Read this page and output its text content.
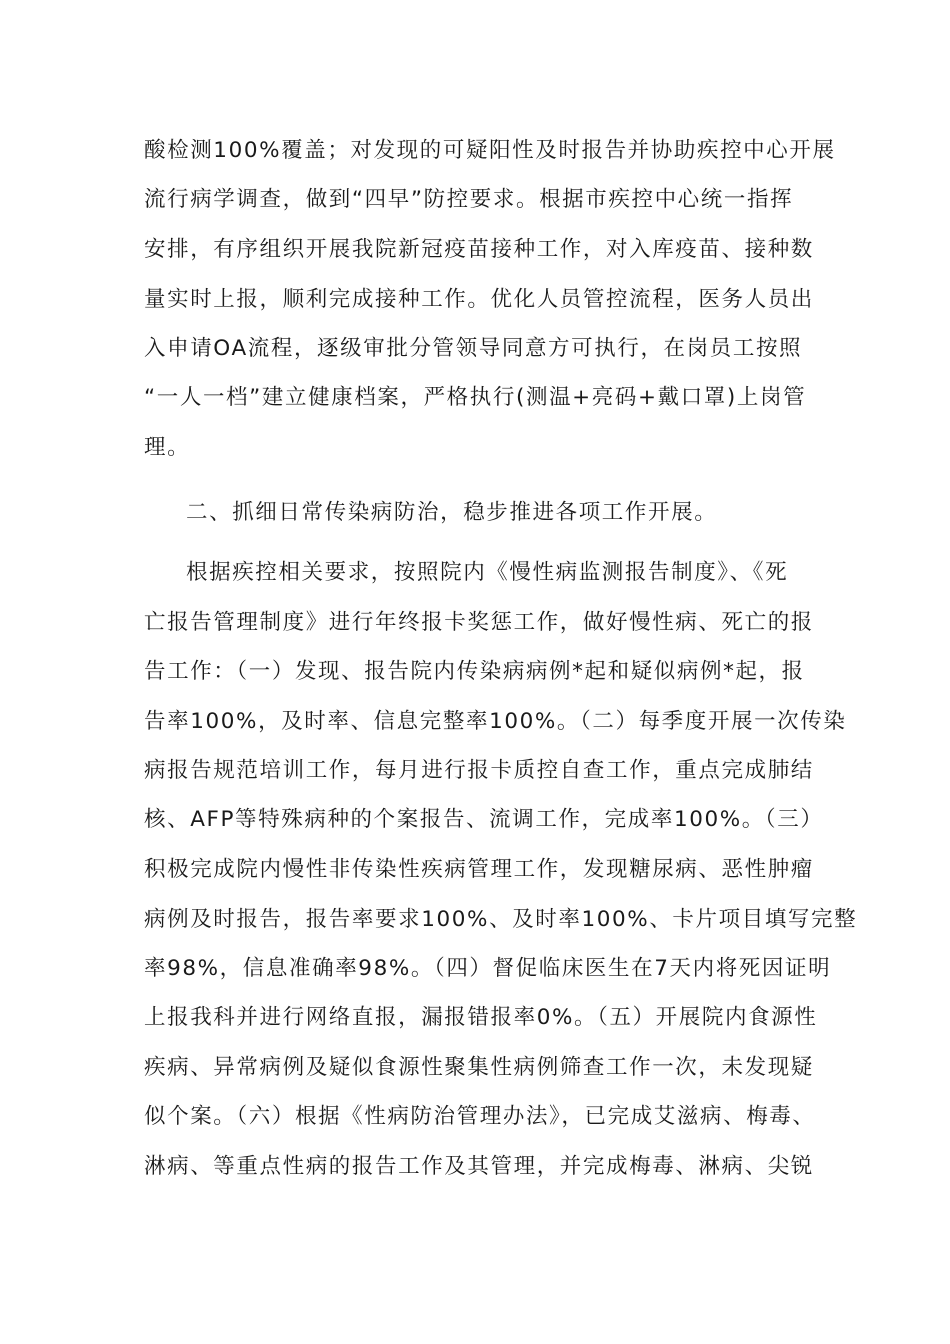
酸检测100%覆盖；对发现的可疑阳性及时报告并协助疾控中心开展
流行病学调查，做到“四早”防控要求。根据市疾控中心统一指挥
安排，有序组织开展我院新冠疫苗接种工作，对入库疫苗、接种数
量实时上报，顺利完成接种工作。优化人员管控流程，医务人员出
入申请OA流程，逐级审批分管领导同意方可执行，在岗员工按照
“一人一档”建立健康档案，严格执行(测温+亮码+戴口罩)上岗管
理。
二、抓细日常传染病防治，稳步推进各项工作开展。
根据疾控相关要求，按照院内《慢性病监测报告制度》、《死
亡报告管理制度》进行年终报卡奖惩工作，做好慢性病、死亡的报
告工作：（一）发现、报告院内传染病病例*起和疑似病例*起，报
告率100%，及时率、信息完整率100%。（二）每季度开展一次传染
病报告规范培训工作，每月进行报卡质控自查工作，重点完成肺结
核、AFP等特殊病种的个案报告、流调工作，完成率100%。（三）
积极完成院内慢性非传染性疾病管理工作，发现糖尿病、恶性肿瘤
病例及时报告，报告率要求100%、及时率100%、卡片项目填写完整
率98%，信息准确率98%。（四）督促临床医生在7天内将死因证明
上报我科并进行网络直报，漏报错报率0%。（五）开展院内食源性
疾病、异常病例及疑似食源性聚集性病例筛查工作一次，未发现疑
似个案。（六）根据《性病防治管理办法》，已完成艾滋病、梅毒、
淋病、等重点性病的报告工作及其管理，并完成梅毒、淋病、尖锐
